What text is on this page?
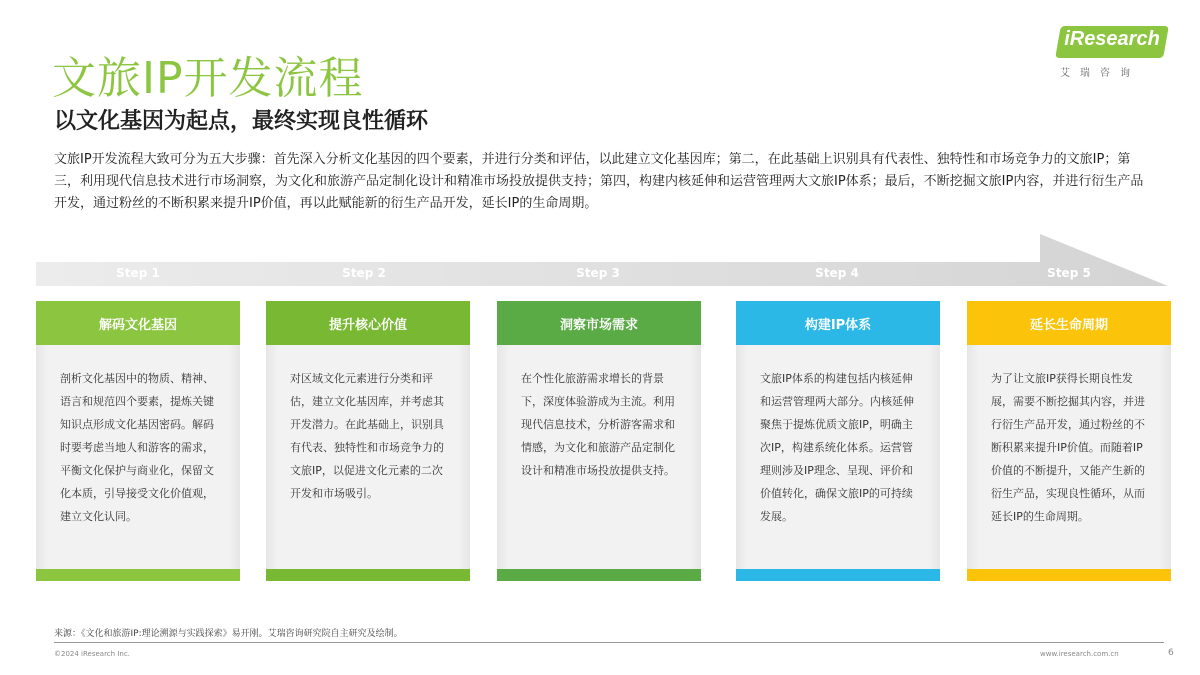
文旅IP开发流程
以文化基因为起点，最终实现良性循环
文旅IP开发流程大致可分为五大步骤：首先深入分析文化基因的四个要素，并进行分类和评估，以此建立文化基因库；第二，在此基础上识别具有代表性、独特性和市场竞争力的文旅IP；第三，利用现代信息技术进行市场洞察，为文化和旅游产品定制化设计和精准市场投放提供支持；第四，构建内核延伸和运营管理两大文旅IP体系；最后，不断挖掘文旅IP内容，并进行衍生产品开发，通过粉丝的不断积累来提升IP价值，再以此赋能新的衍生产品开发，延长IP的生命周期。
iResearch
艾瑞咨询
Step 1	Step 2	Step 3	Step 4	Step 5
解码文化基因
剖析文化基因中的物质、精神、语言和规范四个要素，提炼关键知识点形成文化基因密码。解码时要考虑当地人和游客的需求，平衡文化保护与商业化，保留文化本质，引导接受文化价值观，建立文化认同。
提升核心价值
对区域文化元素进行分类和评估，建立文化基因库，并考虑其开发潜力。在此基础上，识别具有代表、独特性和市场竞争力的文旅IP，以促进文化元素的二次开发和市场吸引。
洞察市场需求
在个性化旅游需求增长的背景下，深度体验游成为主流。利用现代信息技术，分析游客需求和情感，为文化和旅游产品定制化设计和精准市场投放提供支持。
构建IP体系
文旅IP体系的构建包括内核延伸和运营管理两大部分。内核延伸聚焦于提炼优质文旅IP，明确主次IP，构建系统化体系。运营管理则涉及IP理念、呈现、评价和价值转化，确保文旅IP的可持续发展。
延长生命周期
为了让文旅IP获得长期良性发展，需要不断挖掘其内容，并进行衍生产品开发，通过粉丝的不断积累来提升IP价值。而随着IP价值的不断提升，又能产生新的衍生产品，实现良性循环，从而延长IP的生命周期。
来源：《文化和旅游IP:理论溯源与实践探索》易开刚。艾瑞咨询研究院自主研究及绘制。
©2024 iResearch Inc.	www.iresearch.com.cn	6
